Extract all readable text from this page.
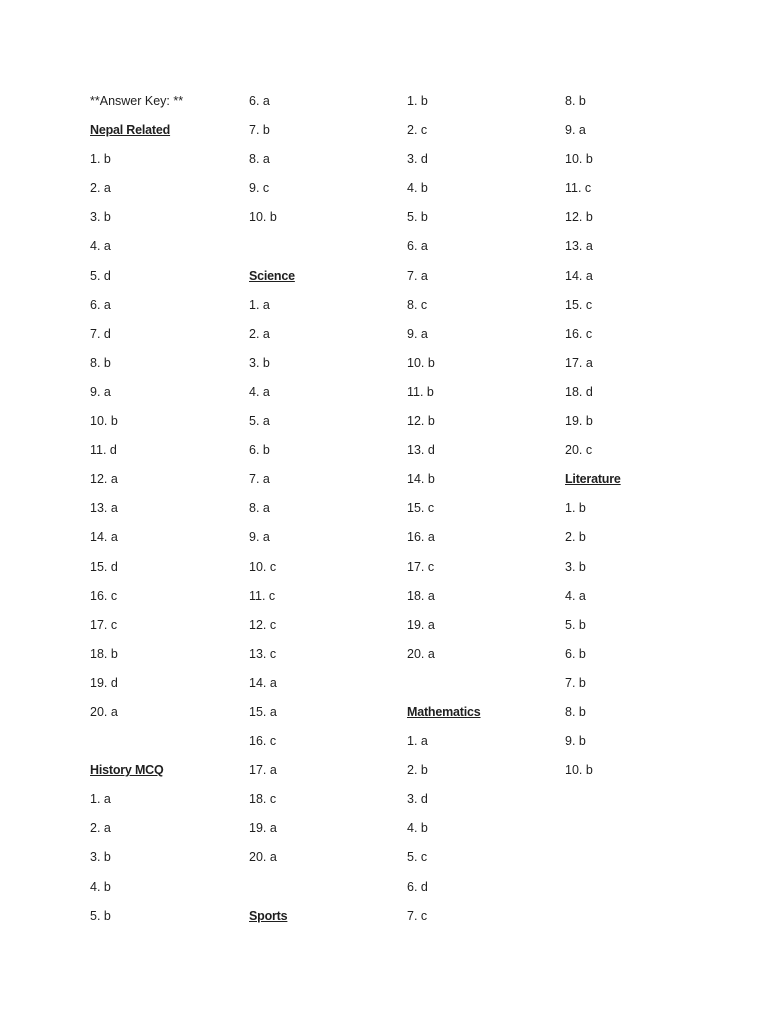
**Answer Key: **
Nepal Related
1. b
2. a
3. b
4. a
5. d
6. a
7. d
8. b
9. a
10. b
11. d
12. a
13. a
14. a
15. d
16. c
17. c
18. b
19. d
20. a
History MCQ
1. a
2. a
3. b
4. b
5. b
6. a
7. b
8. a
9. c
10. b
Science
1. a
2. a
3. b
4. a
5. a
6. b
7. a
8. a
9. a
10. c
11. c
12. c
13. c
14. a
15. a
16. c
17. a
18. c
19. a
20. a
Sports
1. b
2. c
3. d
4. b
5. b
6. a
7. a
8. c
9. a
10. b
11. b
12. b
13. d
14. b
15. c
16. a
17. c
18. a
19. a
20. a
Mathematics
1. a
2. b
3. d
4. b
5. c
6. d
7. c
8. b
9. a
10. b
11. c
12. b
13. a
14. a
15. c
16. c
17. a
18. d
19. b
20. c
Literature
1. b
2. b
3. b
4. a
5. b
6. b
7. b
8. b
9. b
10. b
